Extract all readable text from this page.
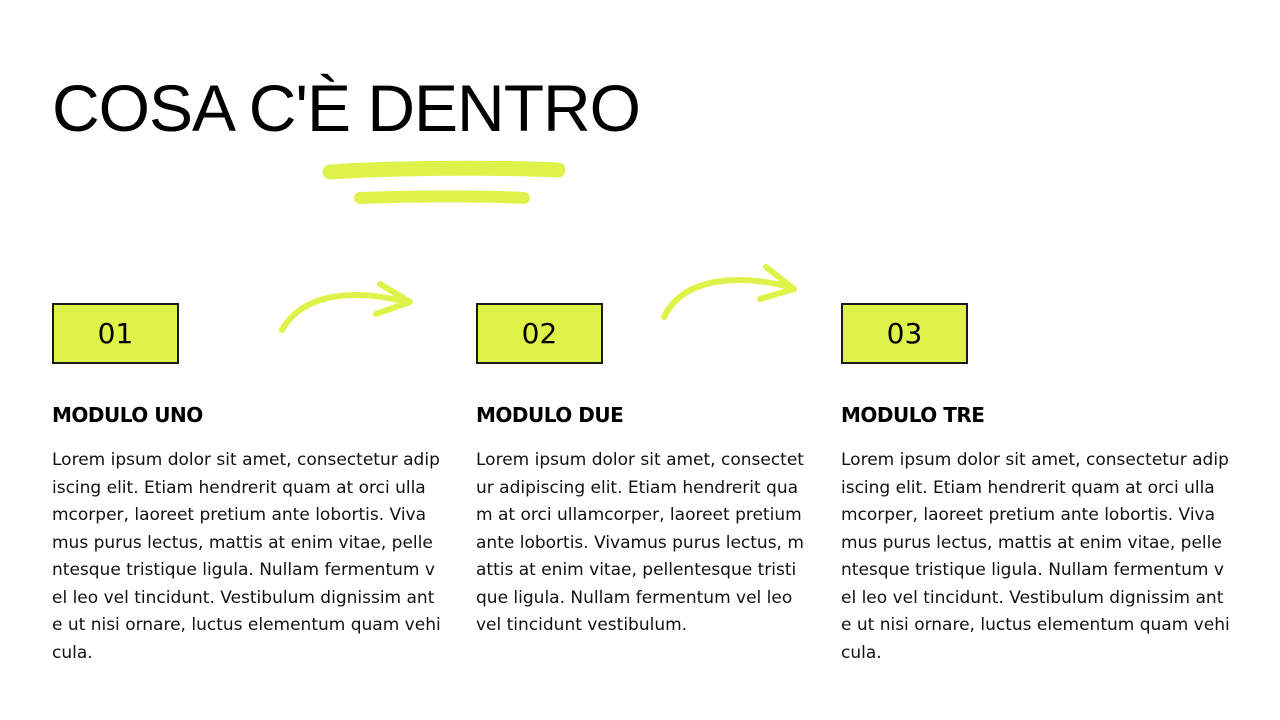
COSA C'È DENTRO
01
MODULO UNO
Lorem ipsum dolor sit amet, consectetur adipiscing elit. Etiam hendrerit quam at orci ullamcorper, laoreet pretium ante lobortis. Vivamus purus lectus, mattis at enim vitae, pellentesque tristique ligula. Nullam fermentum vel leo vel tincidunt. Vestibulum dignissim ante ut nisi ornare, luctus elementum quam vehicula.
02
MODULO DUE
Lorem ipsum dolor sit amet, consectetur adipiscing elit. Etiam hendrerit quam at orci ullamcorper, laoreet pretium ante lobortis. Vivamus purus lectus, mattis at enim vitae, pellentesque tristique ligula. Nullam fermentum vel leo vel tincidunt vestibulum.
03
MODULO TRE
Lorem ipsum dolor sit amet, consectetur adipiscing elit. Etiam hendrerit quam at orci ullamcorper, laoreet pretium ante lobortis. Vivamus purus lectus, mattis at enim vitae, pellentesque tristique ligula. Nullam fermentum vel leo vel tincidunt. Vestibulum dignissim ante ut nisi ornare, luctus elementum quam vehicula.
